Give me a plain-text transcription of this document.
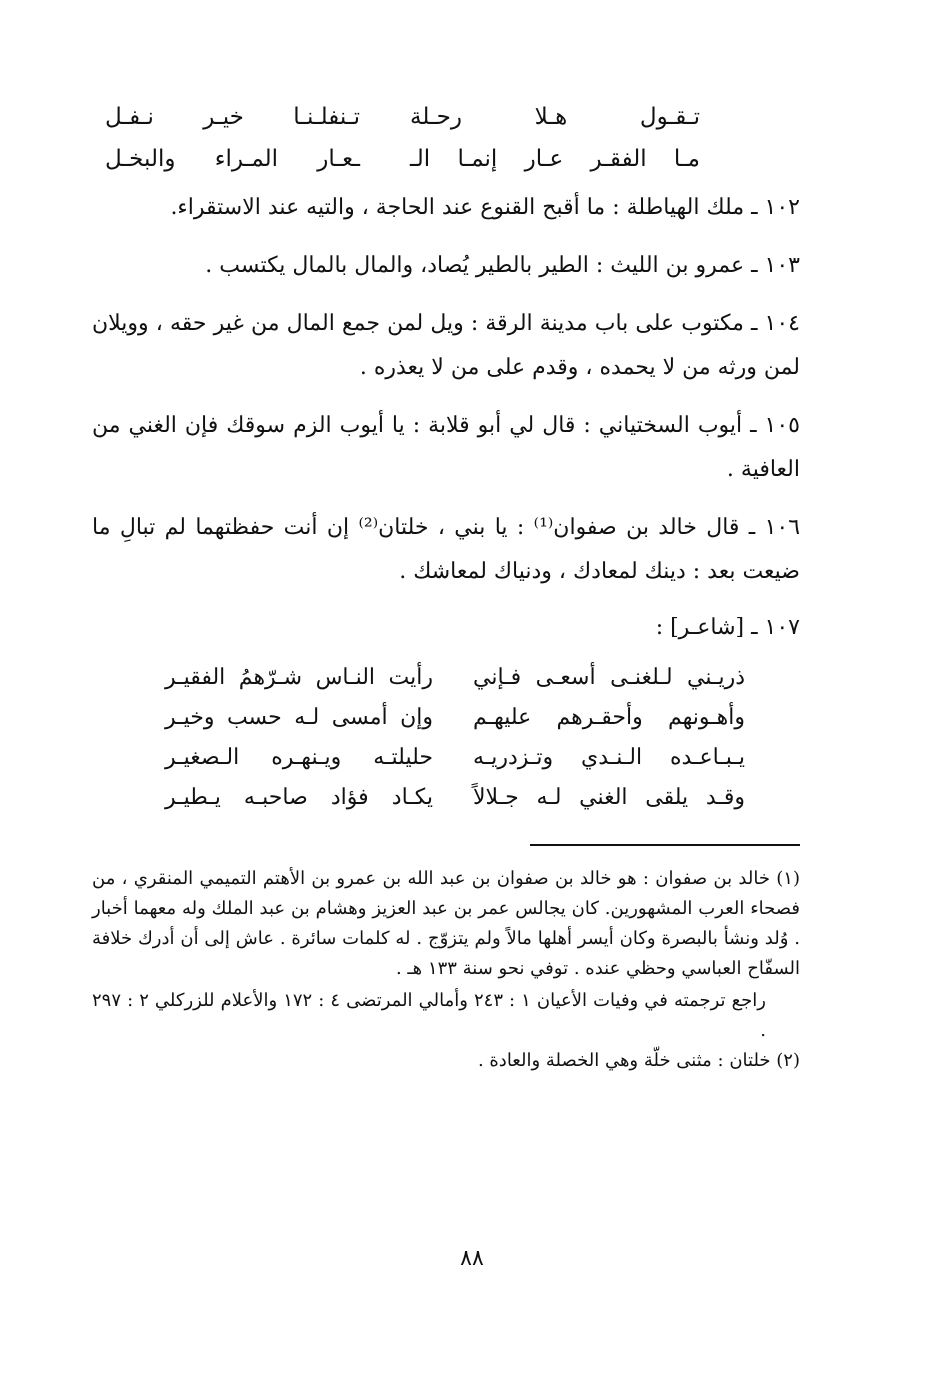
تـقـول هـلا رحـلة
تـنفلـنـا خيـر نـفـل
مـا الفقـر عـار إنمـا الـ
ـعـار المـراء والبخـل

١٠٢ ـ ملك الهياطلة : ما أقبح القنوع عند الحاجة ، والتيه عند الاستقراء.

١٠٣ ـ عمرو بن الليث : الطير بالطير يُصاد، والمال بالمال يكتسب .

١٠٤ ـ مكتوب على باب مدينة الرقة : ويل لمن جمع المال من غير حقه ، وويلان لمن ورثه من لا يحمده ، وقدم على من لا يعذره .

١٠٥ ـ أيوب السختياني : قال لي أبو قلابة : يا أيوب الزم سوقك فإن الغني من العافية .

١٠٦ ـ قال خالد بن صفوان⁽¹⁾ : يا بني ، خلتان⁽²⁾ إن أنت حفظتهما لم تبالِ ما ضيعت بعد : دينك لمعادك ، ودنياك لمعاشك .

١٠٧ ـ [شاعـر] :
ذريـني لـلغنـى أسعـى فـإني
رأيت النـاس شـرّهمُ الفقيـر
وأهـونهم وأحقـرهم عليهـم
وإن أمسى لـه حسب وخيـر
يـبـاعـده الـنـدي وتـزدريـه
حليلتـه ويـنهـره الـصغيـر
وقـد يلقى الغني لـه جـلالاً
يكـاد فؤاد صاحبـه يـطيـر

(١) خالد بن صفوان : هو خالد بن صفوان بن عبد الله بن عمرو بن الأهتم التميمي المنقري ، من فصحاء العرب المشهورين. كان يجالس عمر بن عبد العزيز وهشام بن عبد الملك وله معهما أخبار . وُلد ونشأ بالبصرة وكان أيسر أهلها مالاً ولم يتزوّج . له كلمات سائرة . عاش إلى أن أدرك خلافة السفّاح العباسي وحظي عنده . توفي نحو سنة ١٣٣ هـ .

راجع ترجمته في وفيات الأعيان ١ : ٢٤٣ وأمالي المرتضى ٤ : ١٧٢ والأعلام للزركلي ٢ : ٢٩٧ .

(٢) خلتان : مثنى خلّة وهي الخصلة والعادة .

٨٨
